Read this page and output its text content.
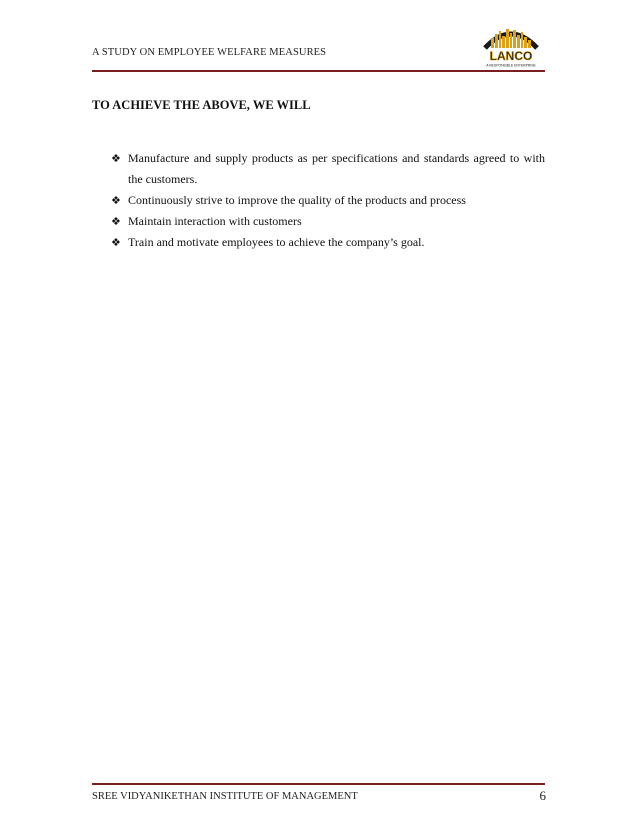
A STUDY ON EMPLOYEE WELFARE MEASURES	LANCO
A RESPONSIBLE ENTERPRISE
TO ACHIEVE THE ABOVE, WE WILL
❖ Manufacture and supply products as per specifications and standards agreed to with the customers.
❖ Continuously strive to improve the quality of the products and process
❖ Maintain interaction with customers
❖ Train and motivate employees to achieve the company’s goal.
SREE VIDYANIKETHAN INSTITUTE OF MANAGEMENT	6
